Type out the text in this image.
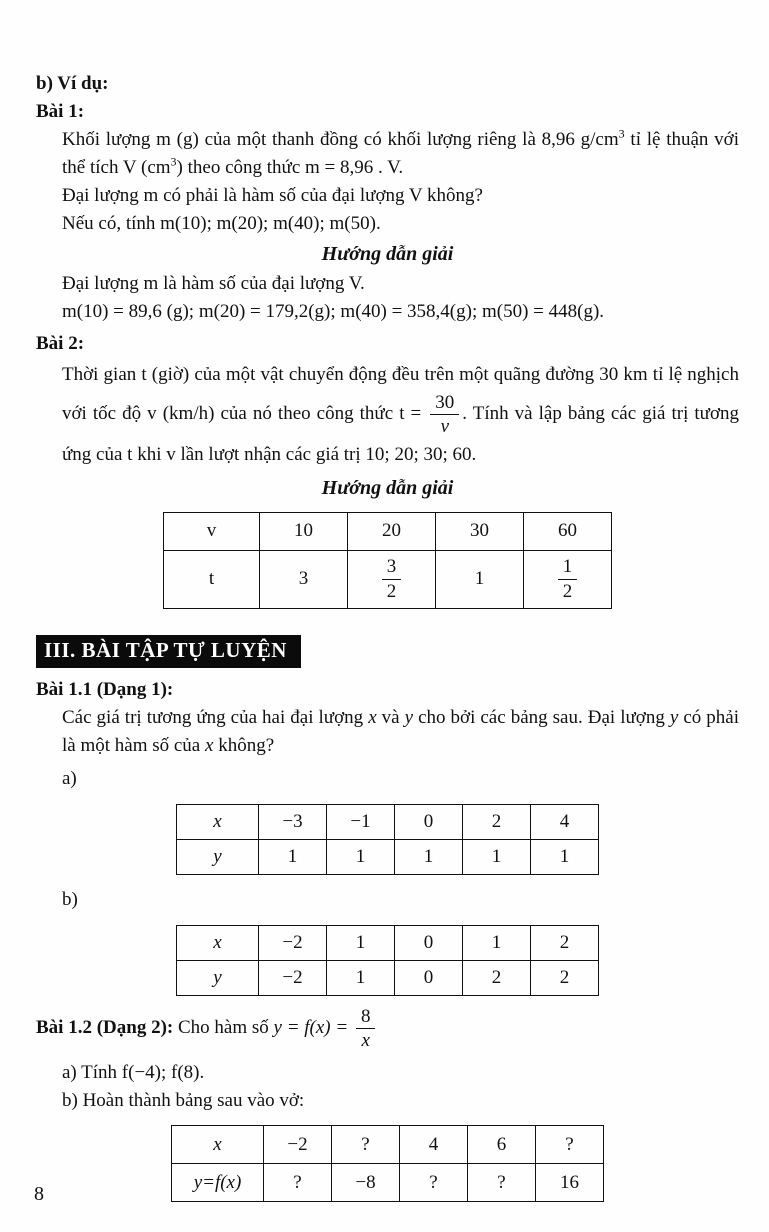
b) Ví dụ:
Bài 1:

Khối lượng m (g) của một thanh đồng có khối lượng riêng là 8,96 $g/cm^3$ tỉ lệ thuận với thể tích V $(cm^3)$ theo công thức m = 8,96 . V.

Đại lượng m có phải là hàm số của đại lượng V không?
Nếu có, tính m(10); m(20); m(40); m(50).
Hướng dẫn giải
Đại lượng m là hàm số của đại lượng V.
m(10) = 89,6 (g); m(20) = 179,2(g); m(40) = 358,4(g); m(50) = 448(g).
Bài 2:

Thời gian t (giờ) của một vật chuyển động đều trên một quãng đường 30 km tỉ lệ nghịch với tốc độ v (km/h) của nó theo công thức $t = \frac{30}{v}$ . Tính và lập bảng các giá trị tương ứng của t khi v lần lượt nhận các giá trị 10; 20; 30; 60.

Hướng dẫn giải
v	10	20	30	60
t	3	$\frac{3}{2}$	1	$\frac{1}{2}$
III. BÀI TẬP TỰ LUYỆN
Bài 1.1 (Dạng 1):

Các giá trị tương ứng của hai đại lượng x và y cho bởi các bảng sau. Đại lượng y có phải là một hàm số của x không?

a)
x	−3	−1	0	2	4
y	1	1	1	1	1
b)
x	−2	1	0	1	2
y	−2	1	0	2	2

Bài 1.2 (Dạng 2): Cho hàm số $y = f(x) = \frac{8}{x}$

a) Tính f(−4); f(8).
b) Hoàn thành bảng sau vào vở:
x	−2	?	4	6	?
y=f(x)	?	−8	?	?	16
8
